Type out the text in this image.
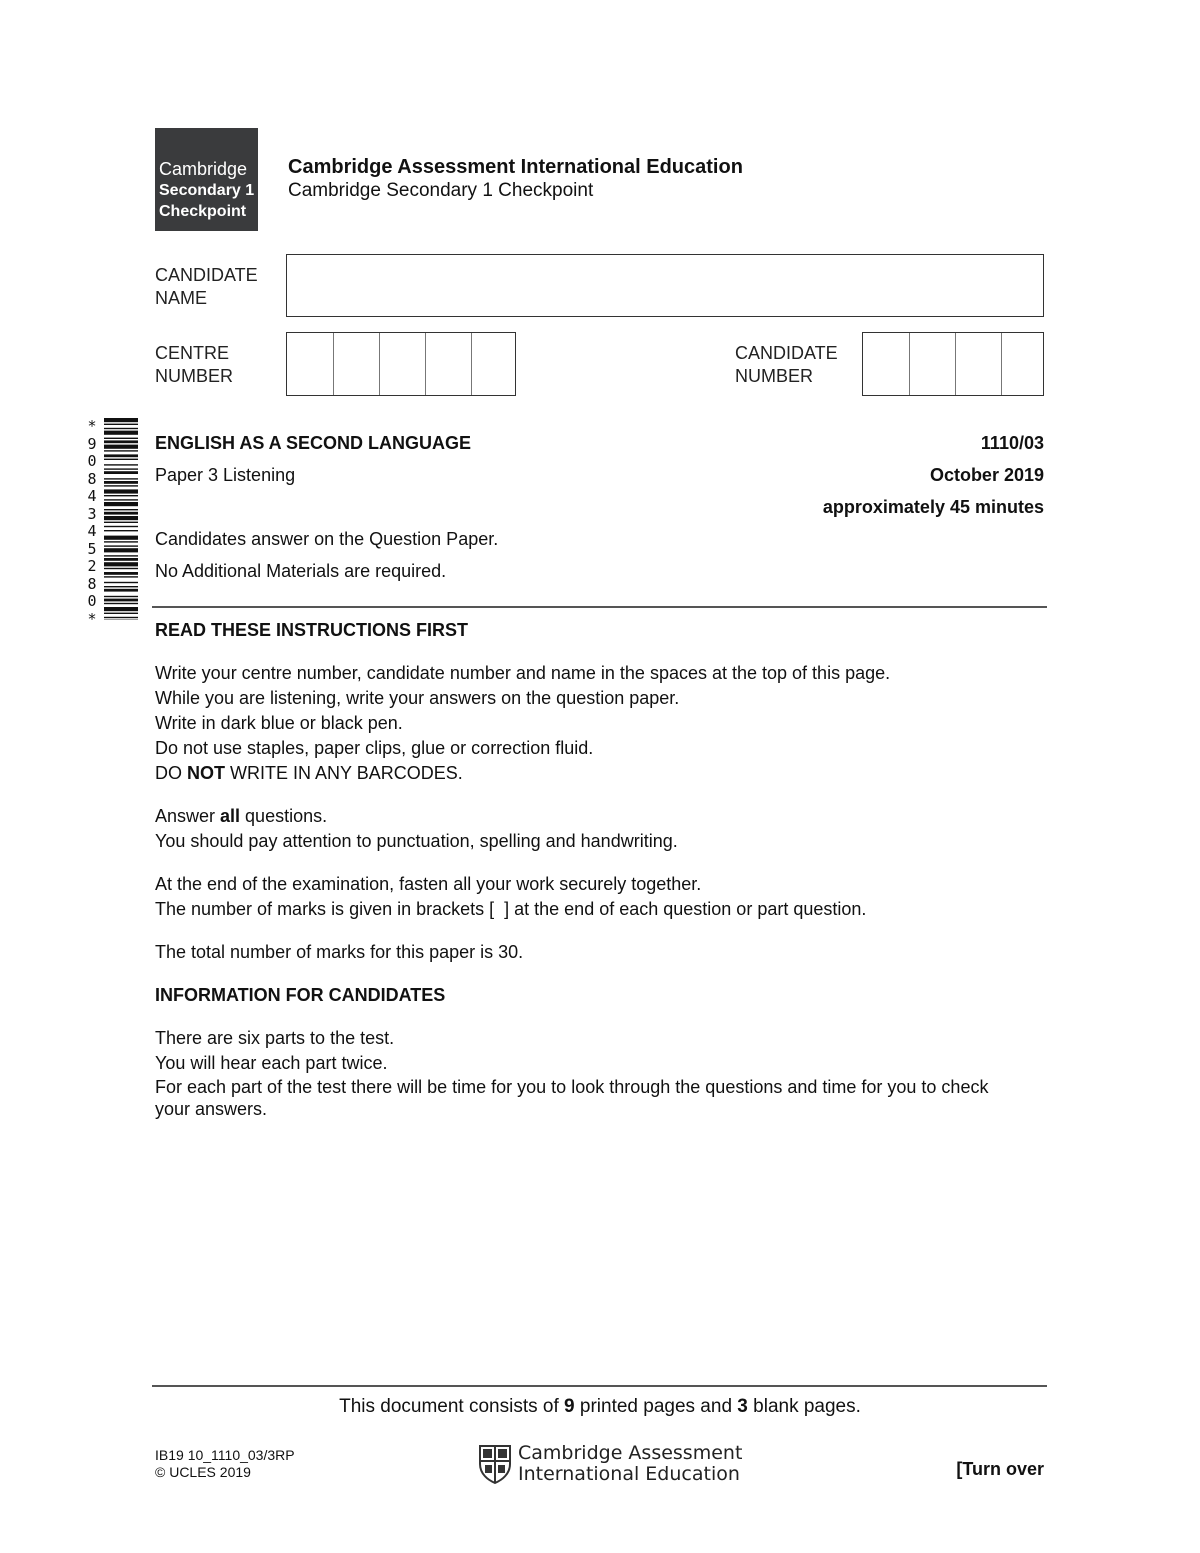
Cambridge
Secondary 1
Checkpoint
Cambridge Assessment International Education
Cambridge Secondary 1 Checkpoint
CANDIDATE
NAME
CENTRE
NUMBER
CANDIDATE
NUMBER
*
9
0
8
4
3
4
5
2
8
0
*
ENGLISH AS A SECOND LANGUAGE	1110/03
Paper 3 Listening	October 2019
approximately 45 minutes
Candidates answer on the Question Paper.
No Additional Materials are required.

READ THESE INSTRUCTIONS FIRST

Write your centre number, candidate number and name in the spaces at the top of this page.

While you are listening, write your answers on the question paper.

Write in dark blue or black pen.

Do not use staples, paper clips, glue or correction fluid.

DO NOT WRITE IN ANY BARCODES.

Answer all questions.

You should pay attention to punctuation, spelling and handwriting.

At the end of the examination, fasten all your work securely together.

The number of marks is given in brackets [  ] at the end of each question or part question.

The total number of marks for this paper is 30.

INFORMATION FOR CANDIDATES

There are six parts to the test.

You will hear each part twice.

For each part of the test there will be time for you to look through the questions and time for you to check

your answers.

This document consists of 9 printed pages and 3 blank pages.
IB19 10_1110_03/3RP
© UCLES 2019
Cambridge Assessment
International Education	[Turn over
